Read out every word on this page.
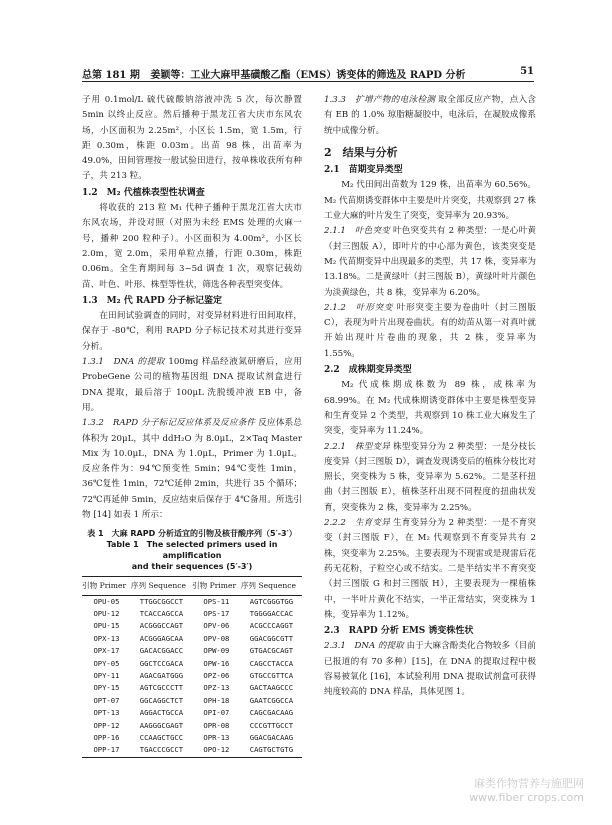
总第 181 期	姜颖等：工业大麻甲基磺酸乙酯（EMS）诱变体的筛选及 RAPD 分析	51

子用 0.1mol/L 硫代硫酸钠溶液冲洗 5 次，每次静置 5min 以终止反应。然后播种于黑龙江省大庆市东风农场，小区面积为 2.25m²，小区长 1.5m，宽 1.5m，行距 0.30m，株距 0.03m。出苗 98 株，出苗率为 49.0%，田间管理按一般试验田进行，按单株收获所有种子，共 213 粒。

1.2　M₂ 代植株表型性状调查

将收获的 213 粒 M₁ 代种子播种于黑龙江省大庆市东风农场，并设对照（对照为未经 EMS 处理的火麻一号，播种 200 粒种子）。小区面积为 4.00m²，小区长 2.0m，宽 2.0m，采用单粒点播，行距 0.30m，株距 0.06m。全生育期间每 3~5d 调查 1 次，观察记载幼苗、叶色、叶形、株型等性状，筛选各种表型突变体。

1.3　M₂ 代 RAPD 分子标记鉴定

在田间试验调查的同时，对变异材料进行田间取样，保存于 -80℃，利用 RAPD 分子标记技术对其进行变异分析。

1.3.1　DNA 的提取 100mg 样品经液氮研磨后，应用 ProbeGene 公司的植物基因组 DNA 提取试剂盒进行 DNA 提取，最后溶于 100μL 洗脱缓冲液 EB 中，备用。

1.3.2　RAPD 分子标记反应体系及反应条件 反应体系总体积为 20μL，其中 ddH₂O 为 8.0μL，2×Taq Master Mix 为 10.0μL，DNA 为 1.0μL，Primer 为 1.0μL。反应条件为：94℃预变性 5min；94℃变性 1min，36℃复性 1min，72℃延伸 2min，共进行 35 个循环；72℃再延伸 5min，反应结束后保存于 4℃备用。所选引物 [14] 如表 1 所示：

表 1　大麻 RAPD 分析适宜的引物及核苷酸序列（5′-3′）
Table 1　The selected primers used in amplification
and their sequences (5′-3′)
引物 Primer	序列 Sequence	引物 Primer	序列 Sequence
OPU-05	TTGGCGGCCT	OPS-11	AGTCGGGTGG
OPU-12	TCACCAGCCA	OPS-17	TGGGGACCAC
OPU-15	ACGGGCCAGT	OPV-06	ACGCCCAGGT
OPX-13	ACGGGAGCAA	OPV-08	GGACGGCGTT
OPX-17	GACACGGACC	OPW-09	GTGACGCAGT
OPY-05	GGCTCCGACA	OPW-16	CAGCCTACCA
OPY-11	AGACGATGGG	OPZ-06	GTGCCGTTCA
OPY-15	AGTCGCCCTT	OPZ-13	GACTAAGCCC
OPT-07	GGCAGGCTCT	OPH-18	GAATCGGCCA
OPT-13	AGGACTGCCA	OPI-07	CAGCGACAAG
OPP-12	AAGGGCGAGT	OPR-08	CCCGTTGCCT
OPP-16	CCAAGCTGCC	OPR-13	GGACGACAAG
OPP-17	TGACCCGCCT	OPO-12	CAGTGCTGTG

1.3.3　扩增产物的电泳检测 取全部反应产物，点入含有 EB 的 1.0% 琼脂糖凝胶中，电泳后，在凝胶成像系统中成像分析。

2　结果与分析

2.1　苗期变异类型

M₂ 代田间出苗数为 129 株，出苗率为 60.56%。M₂ 代苗期诱变群体中主要是叶片突变，共观察到 27 株工业大麻的叶片发生了突变，变异率为 20.93%。

2.1.1　叶色突变 叶色突变共有 2 种类型：一是心叶黄（封三图版 A），即叶片的中心部为黄色，该类突变是 M₂ 代苗期变异中出现最多的类型，共 17 株，变异率为 13.18%。二是黄绿叶（封三图版 B），黄绿叶叶片颜色为淡黄绿色，共 8 株，变异率为 6.20%。

2.1.2　叶形突变 叶形突变主要为卷曲叶（封三图版 C），表现为叶片出现卷曲状。有的幼苗从第一对真叶就开始出现叶片卷曲的现象，共 2 株，变异率为 1.55%。

2.2　成株期变异类型

M₂ 代成株期成株数为 89 株，成株率为 68.99%。在 M₂ 代成株期诱变群体中主要是株型变异和生育变异 2 个类型，共观察到 10 株工业大麻发生了突变，变异率为 11.24%。

2.2.1　株型变异 株型变异分为 2 种类型：一是分枝长度变异（封三图版 D），调查发现诱变后的植株分枝比对照长，突变株为 5 株，变异率为 5.62%。二是茎秆扭曲（封三图版 E），植株茎秆出现不同程度的扭曲状发育，突变株为 2 株，变异率为 2.25%。

2.2.2　生育变异 生育变异分为 2 种类型：一是不育突变（封三图版 F），在 M₂ 代观察到不育变异共有 2 株，突变率为 2.25%。主要表现为不现雷或是现雷后花药无花粉，子粒空心或不结实。二是半结实半不育突变（封三图版 G 和封三图版 H），主要表现为一棵植株中，一半叶片黄化不结实，一半正常结实，突变株为 1 株，变异率为 1.12%。

2.3　RAPD 分析 EMS 诱变株性状

2.3.1　DNA 的提取 由于大麻含酚类化合物较多（目前已报道的有 70 多种）[15]，在 DNA 的提取过程中极容易被氧化 [16]，本试验利用 DNA 提取试剂盒可获得纯度较高的 DNA 样品，具体见图 1。

麻类作物营养与施肥网
www.fiber crops.com
